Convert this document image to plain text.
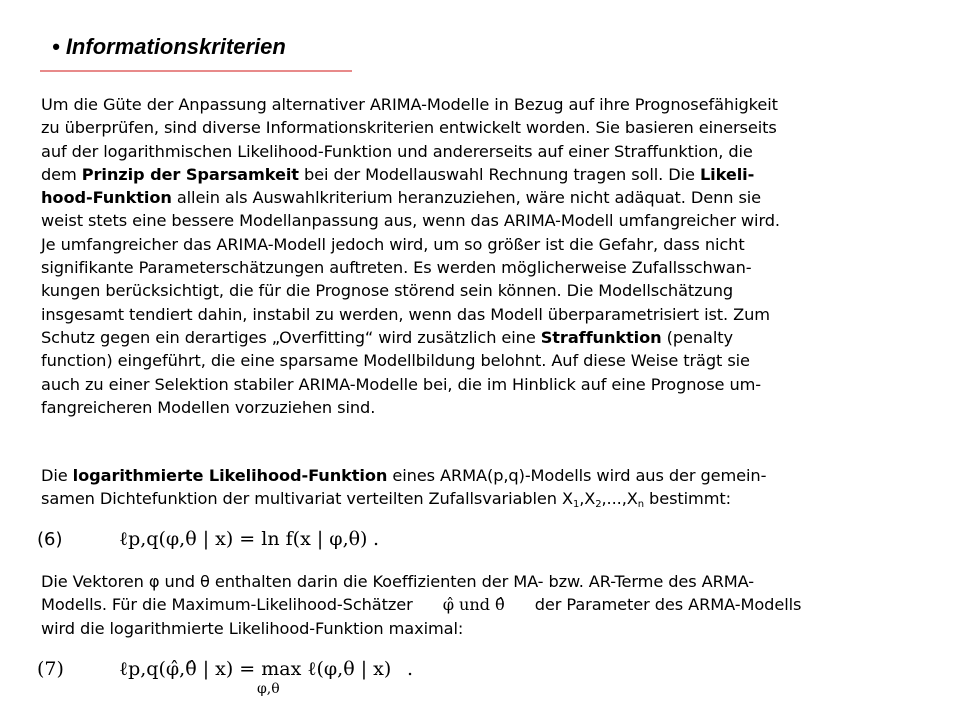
• Informationskriterien
Um die Güte der Anpassung alternativer ARIMA-Modelle in Bezug auf ihre Prognosefähigkeit
zu überprüfen, sind diverse Informationskriterien entwickelt worden. Sie basieren einerseits
auf der logarithmischen Likelihood-Funktion und andererseits auf einer Straffunktion, die
dem Prinzip der Sparsamkeit bei der Modellauswahl Rechnung tragen soll. Die Likeli-
hood-Funktion allein als Auswahlkriterium heranzuziehen, wäre nicht adäquat. Denn sie
weist stets eine bessere Modellanpassung aus, wenn das ARIMA-Modell umfangreicher wird.
Je umfangreicher das ARIMA-Modell jedoch wird, um so größer ist die Gefahr, dass nicht
signifikante Parameterschätzungen auftreten. Es werden möglicherweise Zufallsschwan-
kungen berücksichtigt, die für die Prognose störend sein können. Die Modellschätzung
insgesamt tendiert dahin, instabil zu werden, wenn das Modell überparametrisiert ist. Zum
Schutz gegen ein derartiges „Overfitting“ wird zusätzlich eine Straffunktion (penalty
function) eingeführt, die eine sparsame Modellbildung belohnt. Auf diese Weise trägt sie
auch zu einer Selektion stabiler ARIMA-Modelle bei, die im Hinblick auf eine Prognose um-
fangreicheren Modellen vorzuziehen sind.
Die logarithmierte Likelihood-Funktion eines ARMA(p,q)-Modells wird aus der gemein-
samen Dichtefunktion der multivariat verteilten Zufallsvariablen $X_1,X_2,...,X_n$ bestimmt:
(6)	ℓp,q(φ,θ | x) = ln f(x | φ,θ) .
Die Vektoren φ und θ enthalten darin die Koeffizienten der MA- bzw. AR-Terme des ARMA-
Modells. Für die Maximum-Likelihood-Schätzer φ̂ und θ̂ der Parameter des ARMA-Modells
wird die logarithmierte Likelihood-Funktion maximal:
(7)	ℓp,q(φ̂,θ̂ | x) = max ℓ(φ,θ | x)
φ,θ
.
